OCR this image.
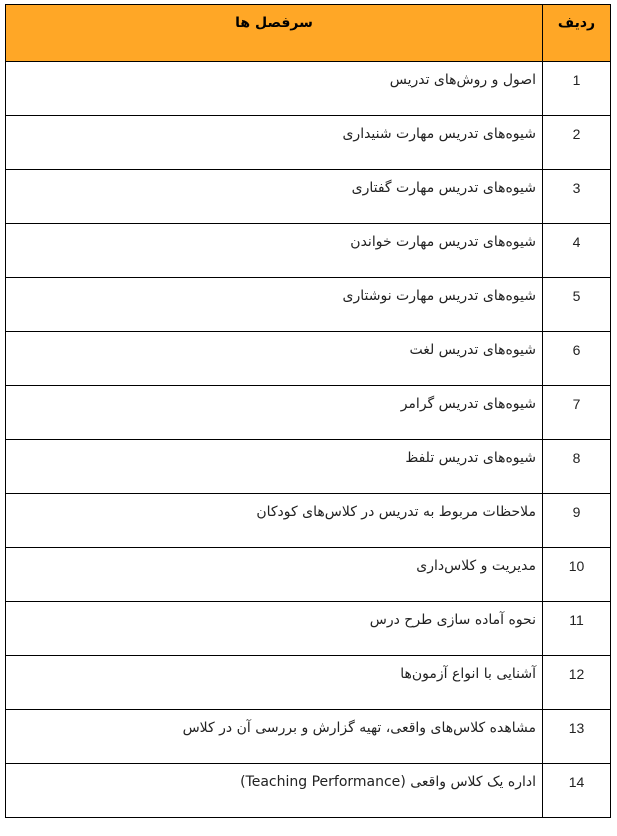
ردیف	سرفصل ها
1	اصول و روش‌های تدریس
2	شیوه‌های تدریس مهارت شنیداری
3	شیوه‌های تدریس مهارت گفتاری
4	شیوه‌های تدریس مهارت خواندن
5	شیوه‌های تدریس مهارت نوشتاری
6	شیوه‌های تدریس لغت
7	شیوه‌های تدریس گرامر
8	شیوه‌های تدریس تلفظ
9	ملاحظات مربوط به تدریس در کلاس‌های کودکان
10	مدیریت و کلاس‌داری
11	نحوه آماده سازی طرح درس
12	آشنایی با انواع آزمون‌ها
13	مشاهده کلاس‌های واقعی، تهیه گزارش و بررسی آن در کلاس
14	اداره یک کلاس واقعی (Teaching Performance)
